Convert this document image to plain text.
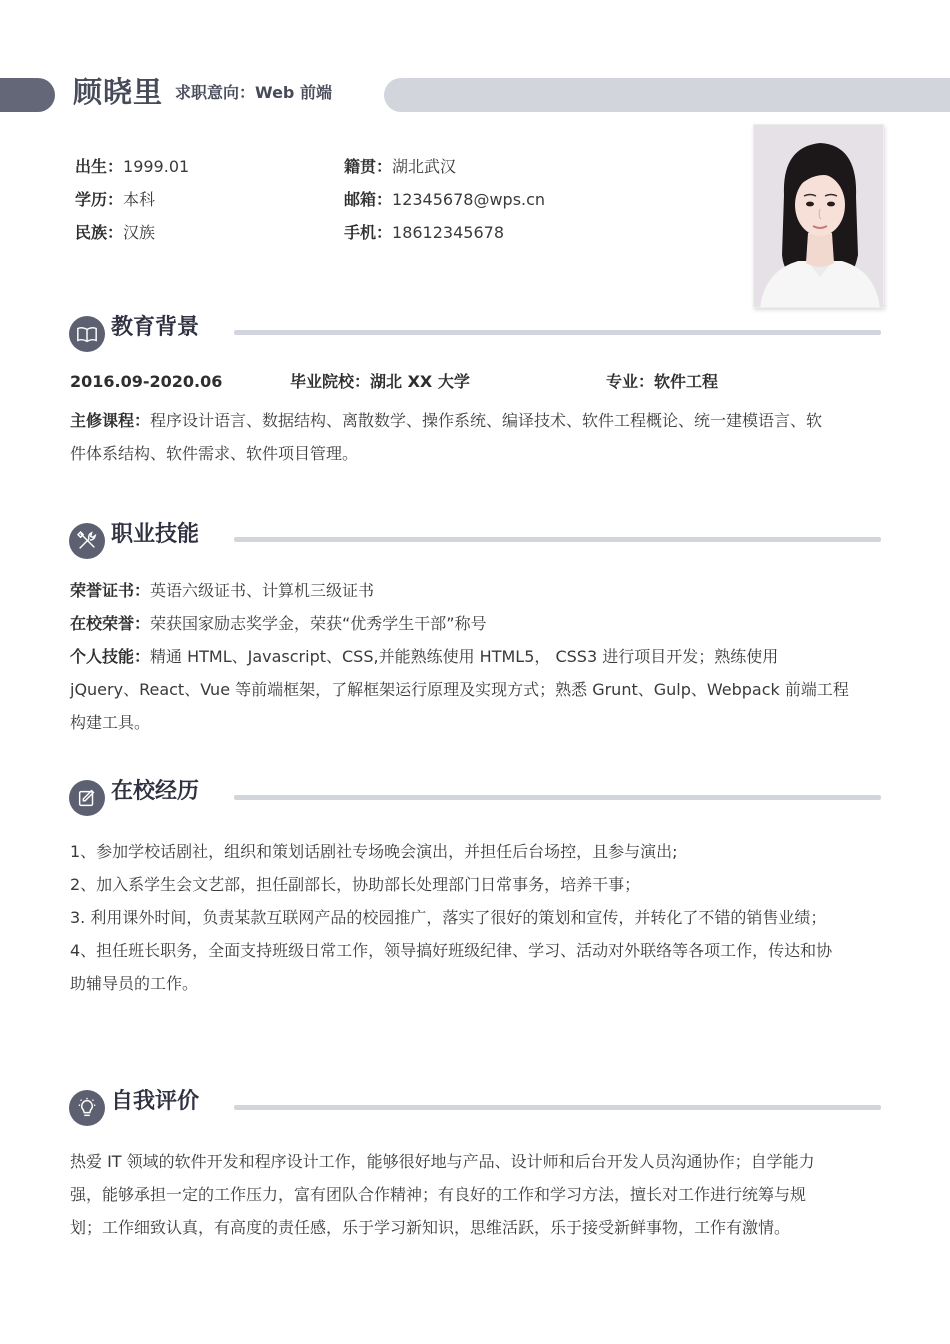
顾晓里 求职意向：Web 前端
出生：1999.01
学历：本科
民族：汉族
籍贯：湖北武汉
邮箱：12345678@wps.cn
手机：18612345678
教育背景
2016.09-2020.06	毕业院校：湖北 XX 大学	专业：软件工程
主修课程：程序设计语言、数据结构、离散数学、操作系统、编译技术、软件工程概论、统一建模语言、软
件体系结构、软件需求、软件项目管理。
职业技能
荣誉证书：英语六级证书、计算机三级证书
在校荣誉：荣获国家励志奖学金，荣获“优秀学生干部”称号
个人技能：精通 HTML、Javascript、CSS,并能熟练使用 HTML5， CSS3 进行项目开发；熟练使用
jQuery、React、Vue 等前端框架，了解框架运行原理及实现方式；熟悉 Grunt、Gulp、Webpack 前端工程
构建工具。
在校经历
1、参加学校话剧社，组织和策划话剧社专场晚会演出，并担任后台场控，且参与演出;
2、加入系学生会文艺部，担任副部长，协助部长处理部门日常事务，培养干事；
3. 利用课外时间，负责某款互联网产品的校园推广，落实了很好的策划和宣传，并转化了不错的销售业绩；
4、担任班长职务，全面支持班级日常工作，领导搞好班级纪律、学习、活动对外联络等各项工作，传达和协
助辅导员的工作。
自我评价
热爱 IT 领域的软件开发和程序设计工作，能够很好地与产品、设计师和后台开发人员沟通协作；自学能力
强，能够承担一定的工作压力，富有团队合作精神；有良好的工作和学习方法，擅长对工作进行统筹与规
划；工作细致认真，有高度的责任感，乐于学习新知识，思维活跃，乐于接受新鲜事物，工作有激情。
